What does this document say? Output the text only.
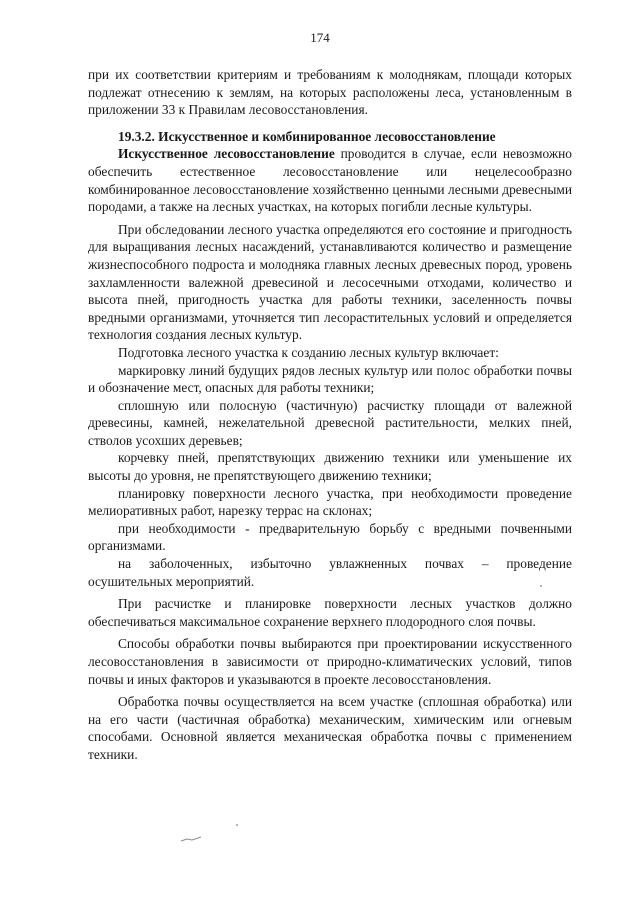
174

при их соответствии критериям и требованиям к молоднякам, площади которых подлежат отнесению к землям, на которых расположены леса, установленным в приложении 33 к Правилам лесовосстановления.

19.3.2. Искусственное и комбинированное лесовосстановление

Искусственное лесовосстановление проводится в случае, если невозможно обеспечить естественное лесовосстановление или нецелесообразно комбинированное лесовосстановление хозяйственно ценными лесными древесными породами, а также на лесных участках, на которых погибли лесные культуры.

При обследовании лесного участка определяются его состояние и пригодность для выращивания лесных насаждений, устанавливаются количество и размещение жизнеспособного подроста и молодняка главных лесных древесных пород, уровень захламленности валежной древесиной и лесосечными отходами, количество и высота пней, пригодность участка для работы техники, заселенность почвы вредными организмами, уточняется тип лесорастительных условий и определяется технология создания лесных культур.

Подготовка лесного участка к созданию лесных культур включает:

маркировку линий будущих рядов лесных культур или полос обработки почвы и обозначение мест, опасных для работы техники;

сплошную или полосную (частичную) расчистку площади от валежной древесины, камней, нежелательной древесной растительности, мелких пней, стволов усохших деревьев;

корчевку пней, препятствующих движению техники или уменьшение их высоты до уровня, не препятствующего движению техники;

планировку поверхности лесного участка, при необходимости проведение мелиоративных работ, нарезку террас на склонах;

при необходимости - предварительную борьбу с вредными почвенными организмами.

на заболоченных, избыточно увлажненных почвах – проведение осушительных мероприятий.

При расчистке и планировке поверхности лесных участков должно обеспечиваться максимальное сохранение верхнего плодородного слоя почвы.

Способы обработки почвы выбираются при проектировании искусственного лесовосстановления в зависимости от природно-климатических условий, типов почвы и иных факторов и указываются в проекте лесовосстановления.

Обработка почвы осуществляется на всем участке (сплошная обработка) или на его части (частичная обработка) механическим, химическим или огневым способами. Основной является механическая обработка почвы с применением техники.
